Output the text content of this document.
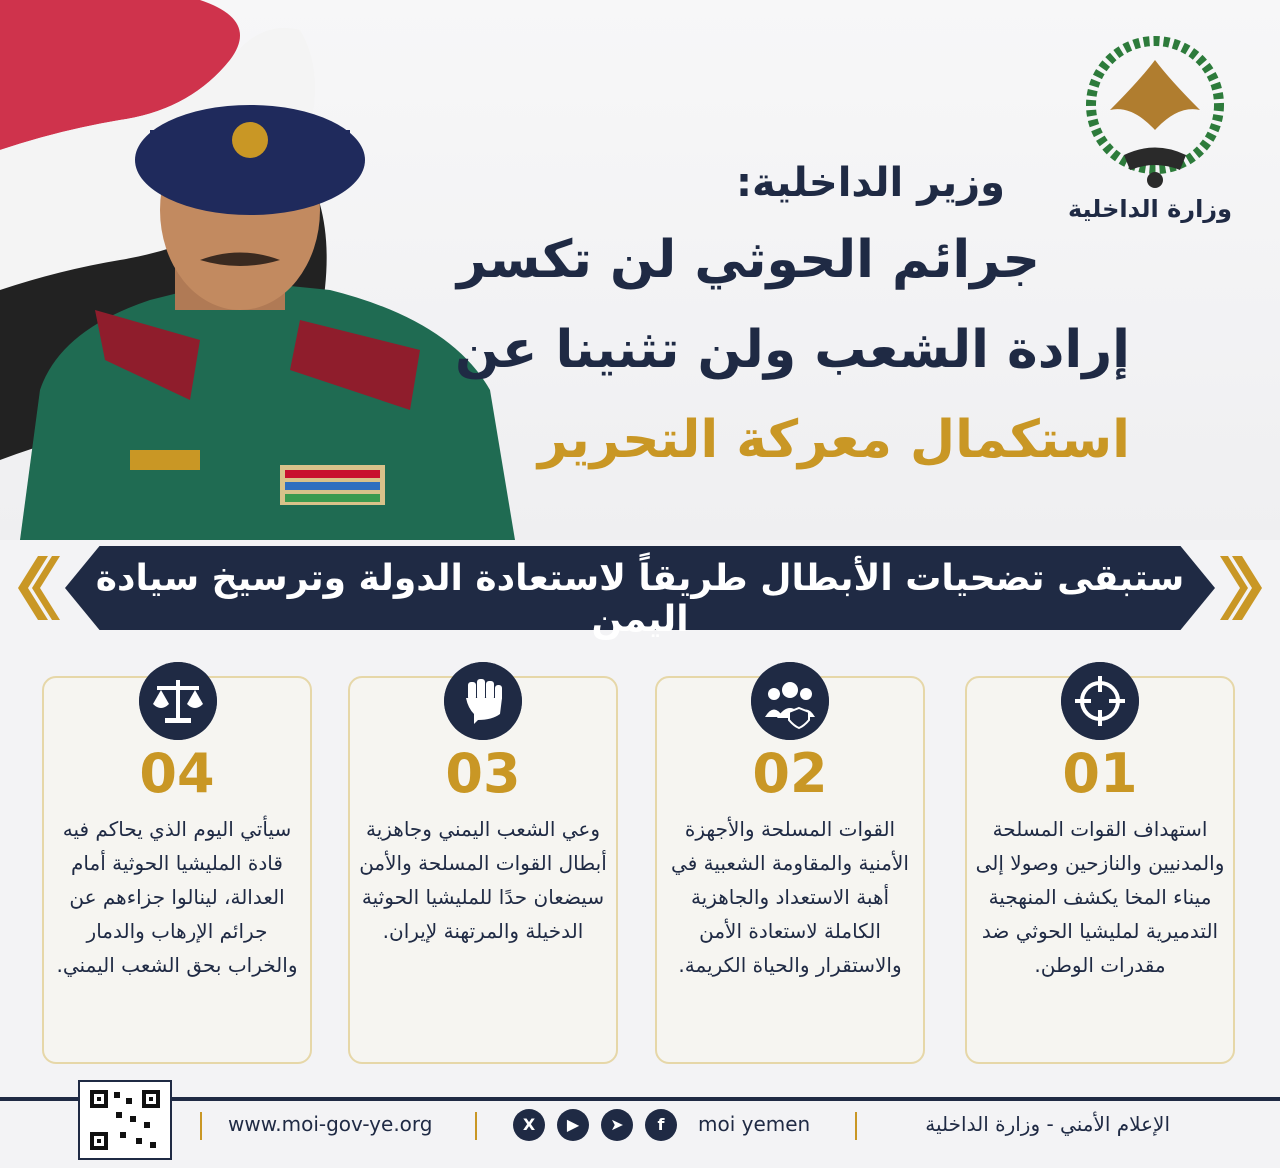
وزارة الداخلية
وزير الداخلية:
جرائم الحوثي لن تكسر
إرادة الشعب ولن تثنينا عن
استكمال معركة التحرير
ستبقى تضحيات الأبطال طريقاً لاستعادة الدولة وترسيخ سيادة اليمن
01
استهداف القوات المسلحة والمدنيين والنازحين وصولا إلى ميناء المخا يكشف المنهجية التدميرية لمليشيا الحوثي ضد مقدرات الوطن.
02
القوات المسلحة والأجهزة الأمنية والمقاومة الشعبية في أهبة الاستعداد والجاهزية الكاملة لاستعادة الأمن والاستقرار والحياة الكريمة.
03
وعي الشعب اليمني وجاهزية أبطال القوات المسلحة والأمن سيضعان حدًا للمليشيا الحوثية الدخيلة والمرتهنة لإيران.
04
سيأتي اليوم الذي يحاكم فيه قادة المليشيا الحوثية أمام العدالة، لينالوا جزاءهم عن جرائم الإرهاب والدمار والخراب بحق الشعب اليمني.
www.moi-gov-ye.org	X	▶	➤	f	moi yemen	الإعلام الأمني - وزارة الداخلية
